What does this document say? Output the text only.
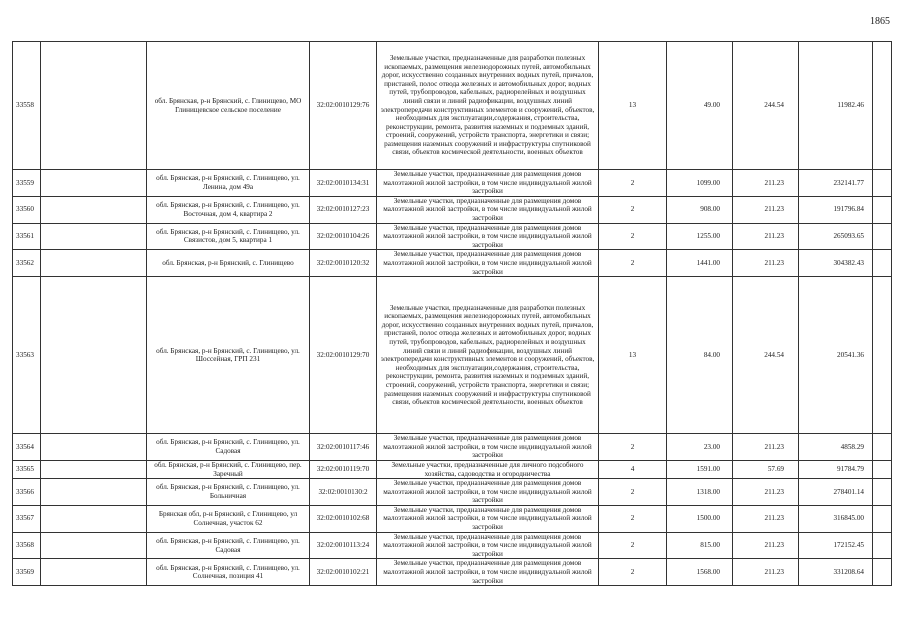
1865
33558		обл. Брянская, р-н Брянский, с. Глинищево, МО Глинищевское сельское поселение	32:02:0010129:76	Земельные участки, предназначенные для разработки полезных ископаемых, размещения железнодорожных путей, автомобильных дорог, искусственно созданных внутренних водных путей, причалов, пристаней, полос отвода железных и автомобильных дорог, водных путей, трубопроводов, кабельных, радиорелейных и воздушных линий связи и линий радиофикации, воздушных линий электропередачи конструктивных элементов и сооружений, объектов, необходимых для эксплуатации,содержания, строительства, реконструкции, ремонта, развития наземных и подземных зданий, строений, сооружений, устройств транспорта, энергетики и связи; размещения наземных сооружений и инфраструктуры спутниковой связи, объектов космической деятельности, военных объектов	13	49.00	244.54	11982.46	
33559		обл. Брянская, р-н Брянский, с. Глинищево, ул. Ленина, дом 49а	32:02:0010134:31	Земельные участки, предназначенные для размещения домов малоэтажной жилой застройки, в том числе индивидуальной жилой застройки	2	1099.00	211.23	232141.77	
33560		обл. Брянская, р-н Брянский, с. Глинищево, ул. Восточная, дом 4, квартира 2	32:02:0010127:23	Земельные участки, предназначенные для размещения домов малоэтажной жилой застройки, в том числе индивидуальной жилой застройки	2	908.00	211.23	191796.84	
33561		обл. Брянская, р-н Брянский, с. Глинищево, ул. Связистов, дом 5, квартира 1	32:02:0010104:26	Земельные участки, предназначенные для размещения домов малоэтажной жилой застройки, в том числе индивидуальной жилой застройки	2	1255.00	211.23	265093.65	
33562		обл. Брянская, р-н Брянский, с. Глинищево	32:02:0010120:32	Земельные участки, предназначенные для размещения домов малоэтажной жилой застройки, в том числе индивидуальной жилой застройки	2	1441.00	211.23	304382.43	
33563		обл. Брянская, р-н Брянский, с. Глинищево, ул. Шоссейная, ГРП 231	32:02:0010129:70	Земельные участки, предназначенные для разработки полезных ископаемых, размещения железнодорожных путей, автомобильных дорог, искусственно созданных внутренних водных путей, причалов, пристаней, полос отвода железных и автомобильных дорог, водных путей, трубопроводов, кабельных, радиорелейных и воздушных линий связи и линий радиофикации, воздушных линий электропередачи конструктивных элементов и сооружений, объектов, необходимых для эксплуатации,содержания, строительства, реконструкции, ремонта, развития наземных и подземных зданий, строений, сооружений, устройств транспорта, энергетики и связи; размещения наземных сооружений и инфраструктуры спутниковой связи, объектов космической деятельности, военных объектов	13	84.00	244.54	20541.36	
33564		обл. Брянская, р-н Брянский, с. Глинищево, ул. Садовая	32:02:0010117:46	Земельные участки, предназначенные для размещения домов малоэтажной жилой застройки, в том числе индивидуальной жилой застройки	2	23.00	211.23	4858.29	
33565		обл. Брянская, р-н Брянский, с. Глинищево, пер. Заречный	32:02:0010119:70	Земельные участки, предназначенные для личного подсобного хозяйства, садоводства и огородничества	4	1591.00	57.69	91784.79	
33566		обл. Брянская, р-н Брянский, с. Глинищево, ул. Больничная	32:02:0010130:2	Земельные участки, предназначенные для размещения домов малоэтажной жилой застройки, в том числе индивидуальной жилой застройки	2	1318.00	211.23	278401.14	
33567		Брянская обл, р-н Брянский, с Глинищево, ул Солнечная, участок 62	32:02:0010102:68	Земельные участки, предназначенные для размещения домов малоэтажной жилой застройки, в том числе индивидуальной жилой застройки	2	1500.00	211.23	316845.00	
33568		обл. Брянская, р-н Брянский, с. Глинищево, ул. Садовая	32:02:0010113:24	Земельные участки, предназначенные для размещения домов малоэтажной жилой застройки, в том числе индивидуальной жилой застройки	2	815.00	211.23	172152.45	
33569		обл. Брянская, р-н Брянский, с. Глинищево, ул. Солнечная, позиция 41	32:02:0010102:21	Земельные участки, предназначенные для размещения домов малоэтажной жилой застройки, в том числе индивидуальной жилой застройки	2	1568.00	211.23	331208.64	
